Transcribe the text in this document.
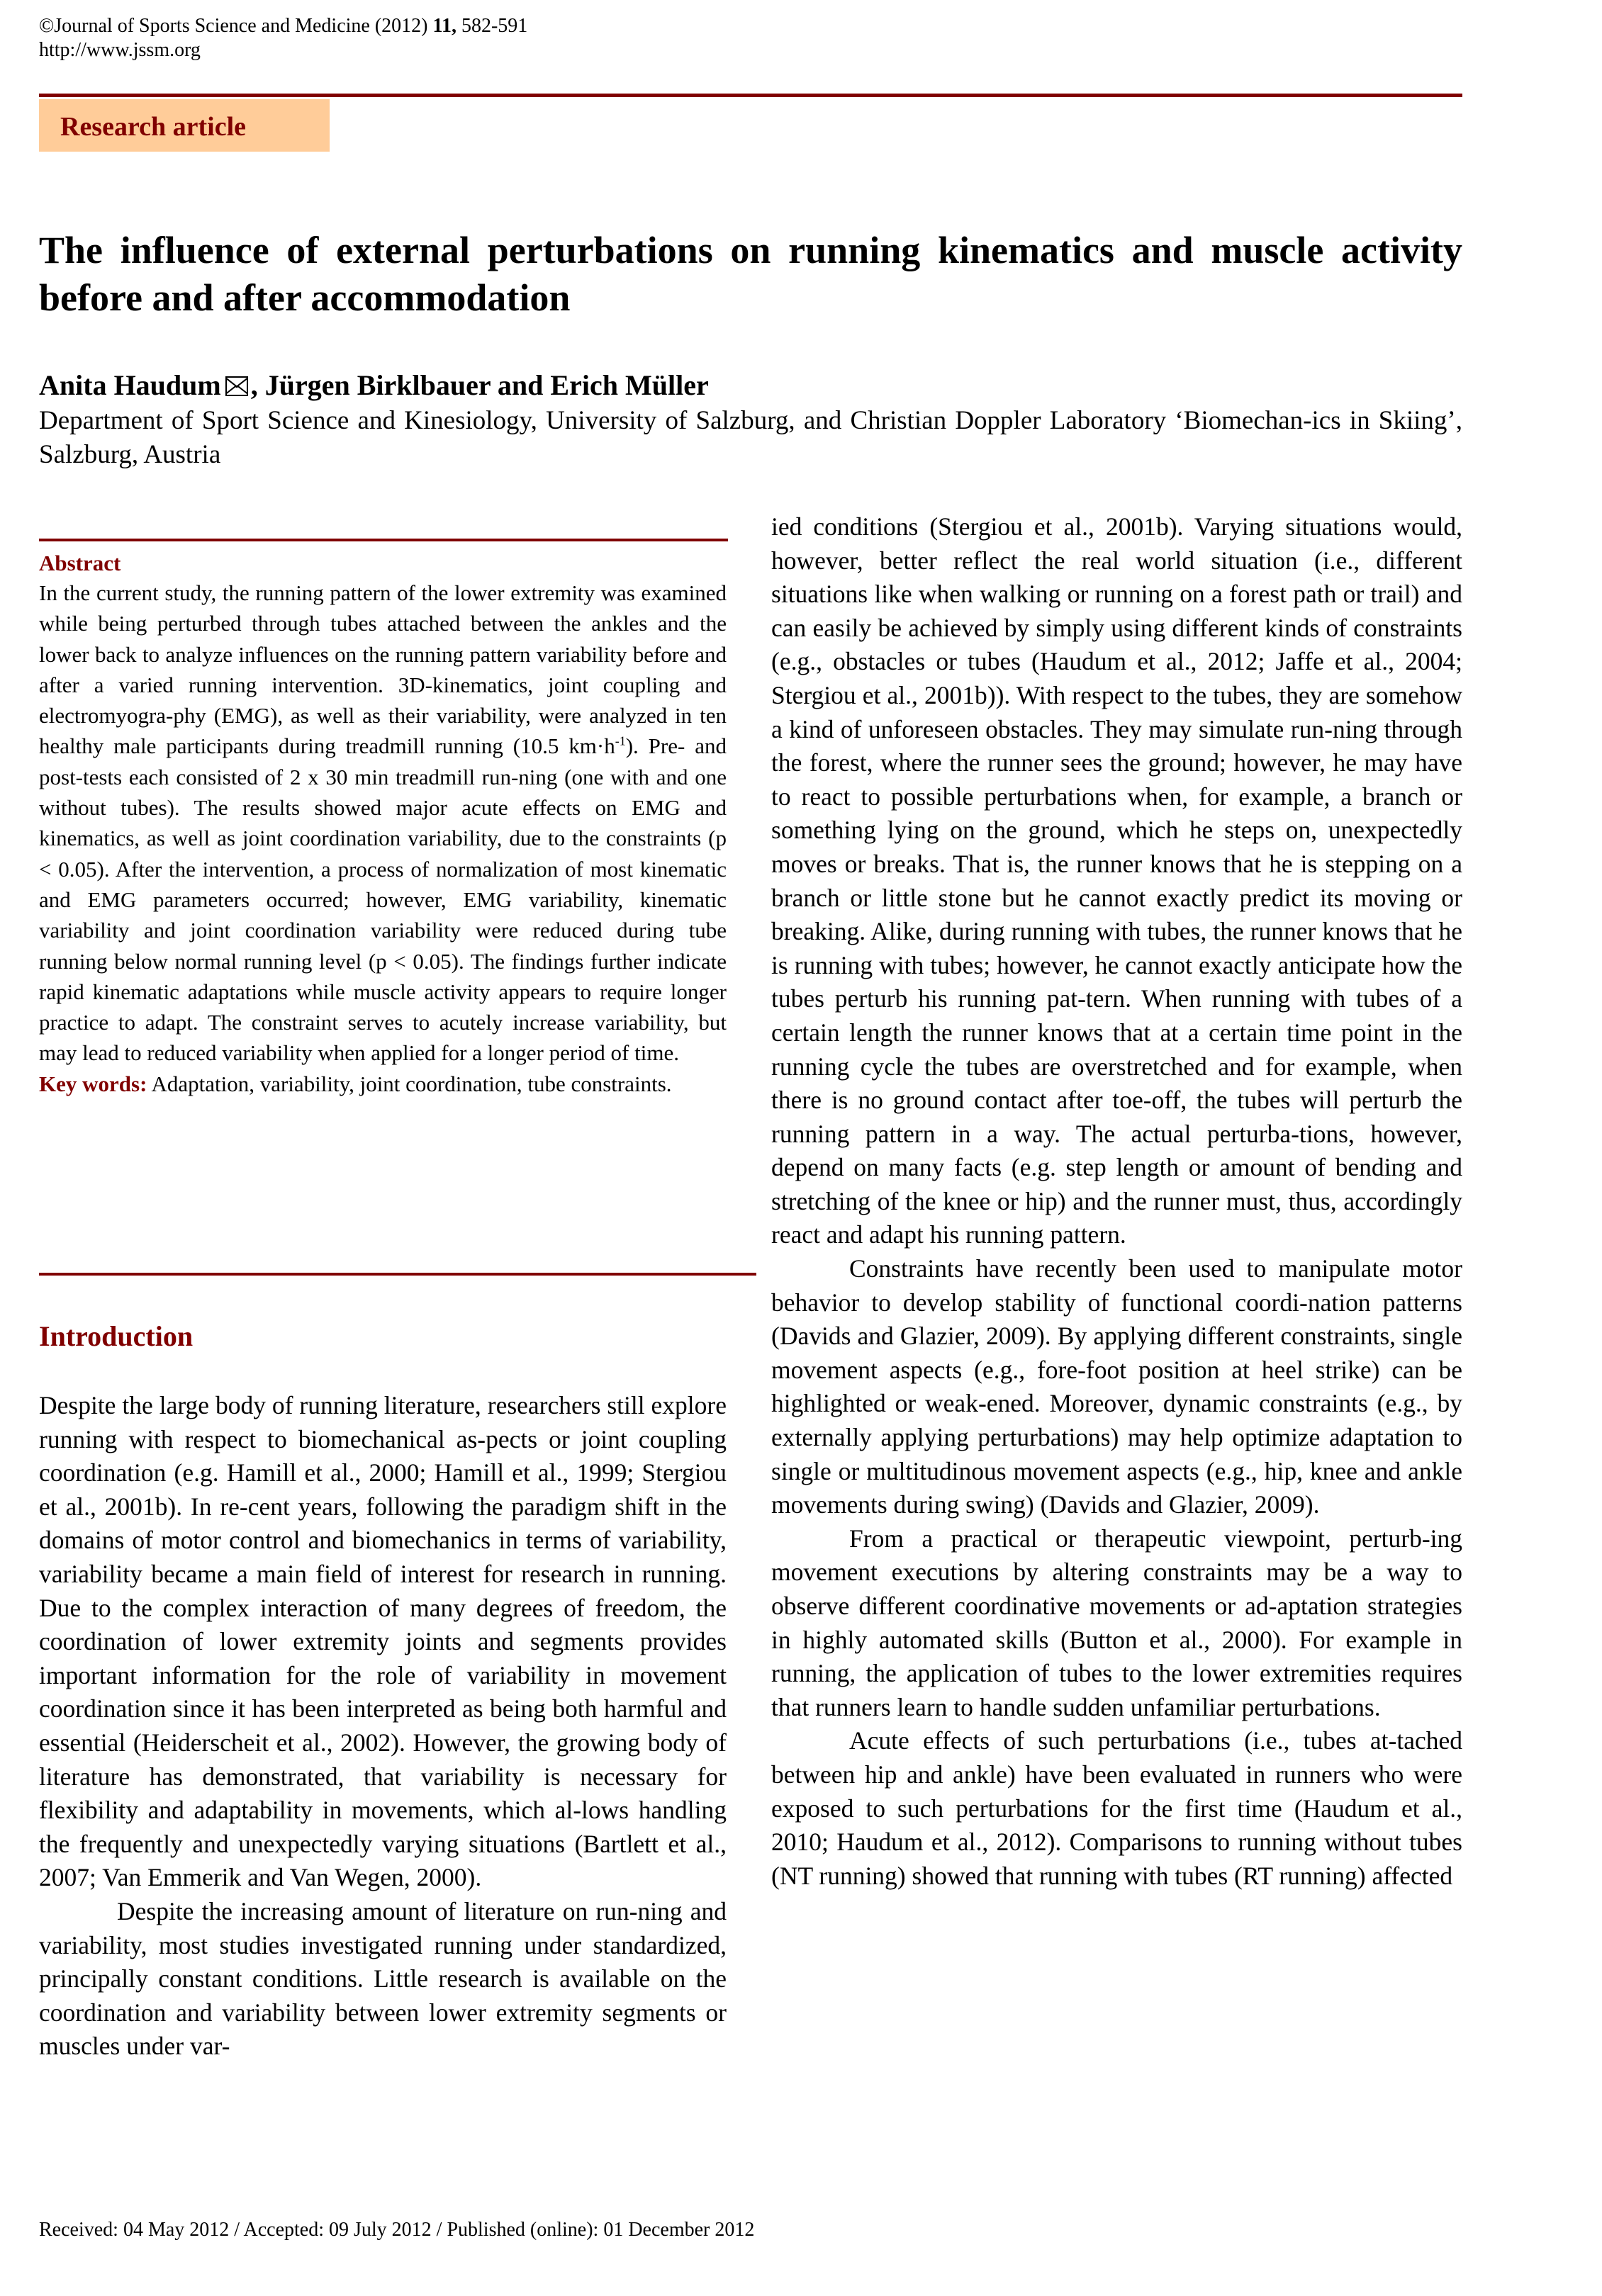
©Journal of Sports Science and Medicine (2012) 11, 582-591
http://www.jssm.org
Research article
The influence of external perturbations on running kinematics and muscle activity before and after accommodation
Anita Haudum , Jürgen Birklbauer and Erich Müller
Department of Sport Science and Kinesiology, University of Salzburg, and Christian Doppler Laboratory ‘Biomechan-ics in Skiing’, Salzburg, Austria
Abstract
In the current study, the running pattern of the lower extremity was examined while being perturbed through tubes attached between the ankles and the lower back to analyze influences on the running pattern variability before and after a varied running intervention. 3D-kinematics, joint coupling and electromyogra-phy (EMG), as well as their variability, were analyzed in ten healthy male participants during treadmill running (10.5 $km\cdot h^{-1}$). Pre- and post-tests each consisted of 2 x 30 min treadmill run-ning (one with and one without tubes). The results showed major acute effects on EMG and kinematics, as well as joint coordination variability, due to the constraints (p < 0.05). After the intervention, a process of normalization of most kinematic and EMG parameters occurred; however, EMG variability, kinematic variability and joint coordination variability were reduced during tube running below normal running level (p < 0.05). The findings further indicate rapid kinematic adaptations while muscle activity appears to require longer practice to adapt. The constraint serves to acutely increase variability, but may lead to reduced variability when applied for a longer period of time.
Key words: Adaptation, variability, joint coordination, tube constraints.
Introduction

Despite the large body of running literature, researchers still explore running with respect to biomechanical as-pects or joint coupling coordination (e.g. Hamill et al., 2000; Hamill et al., 1999; Stergiou et al., 2001b). In re-cent years, following the paradigm shift in the domains of motor control and biomechanics in terms of variability, variability became a main field of interest for research in running. Due to the complex interaction of many degrees of freedom, the coordination of lower extremity joints and segments provides important information for the role of variability in movement coordination since it has been interpreted as being both harmful and essential (Heiderscheit et al., 2002). However, the growing body of literature has demonstrated, that variability is necessary for flexibility and adaptability in movements, which al-lows handling the frequently and unexpectedly varying situations (Bartlett et al., 2007; Van Emmerik and Van Wegen, 2000).

Despite the increasing amount of literature on run-ning and variability, most studies investigated running under standardized, principally constant conditions. Little research is available on the coordination and variability between lower extremity segments or muscles under var-

ied conditions (Stergiou et al., 2001b). Varying situations would, however, better reflect the real world situation (i.e., different situations like when walking or running on a forest path or trail) and can easily be achieved by simply using different kinds of constraints (e.g., obstacles or tubes (Haudum et al., 2012; Jaffe et al., 2004; Stergiou et al., 2001b)). With respect to the tubes, they are somehow a kind of unforeseen obstacles. They may simulate run-ning through the forest, where the runner sees the ground; however, he may have to react to possible perturbations when, for example, a branch or something lying on the ground, which he steps on, unexpectedly moves or breaks. That is, the runner knows that he is stepping on a branch or little stone but he cannot exactly predict its moving or breaking. Alike, during running with tubes, the runner knows that he is running with tubes; however, he cannot exactly anticipate how the tubes perturb his running pat-tern. When running with tubes of a certain length the runner knows that at a certain time point in the running cycle the tubes are overstretched and for example, when there is no ground contact after toe-off, the tubes will perturb the running pattern in a way. The actual perturba-tions, however, depend on many facts (e.g. step length or amount of bending and stretching of the knee or hip) and the runner must, thus, accordingly react and adapt his running pattern.

Constraints have recently been used to manipulate motor behavior to develop stability of functional coordi-nation patterns (Davids and Glazier, 2009). By applying different constraints, single movement aspects (e.g., fore-foot position at heel strike) can be highlighted or weak-ened. Moreover, dynamic constraints (e.g., by externally applying perturbations) may help optimize adaptation to single or multitudinous movement aspects (e.g., hip, knee and ankle movements during swing) (Davids and Glazier, 2009).

From a practical or therapeutic viewpoint, perturb-ing movement executions by altering constraints may be a way to observe different coordinative movements or ad-aptation strategies in highly automated skills (Button et al., 2000). For example in running, the application of tubes to the lower extremities requires that runners learn to handle sudden unfamiliar perturbations.

Acute effects of such perturbations (i.e., tubes at-tached between hip and ankle) have been evaluated in runners who were exposed to such perturbations for the first time (Haudum et al., 2010; Haudum et al., 2012). Comparisons to running without tubes (NT running) showed that running with tubes (RT running) affected

Received: 04 May 2012 / Accepted: 09 July 2012 / Published (online): 01 December 2012
